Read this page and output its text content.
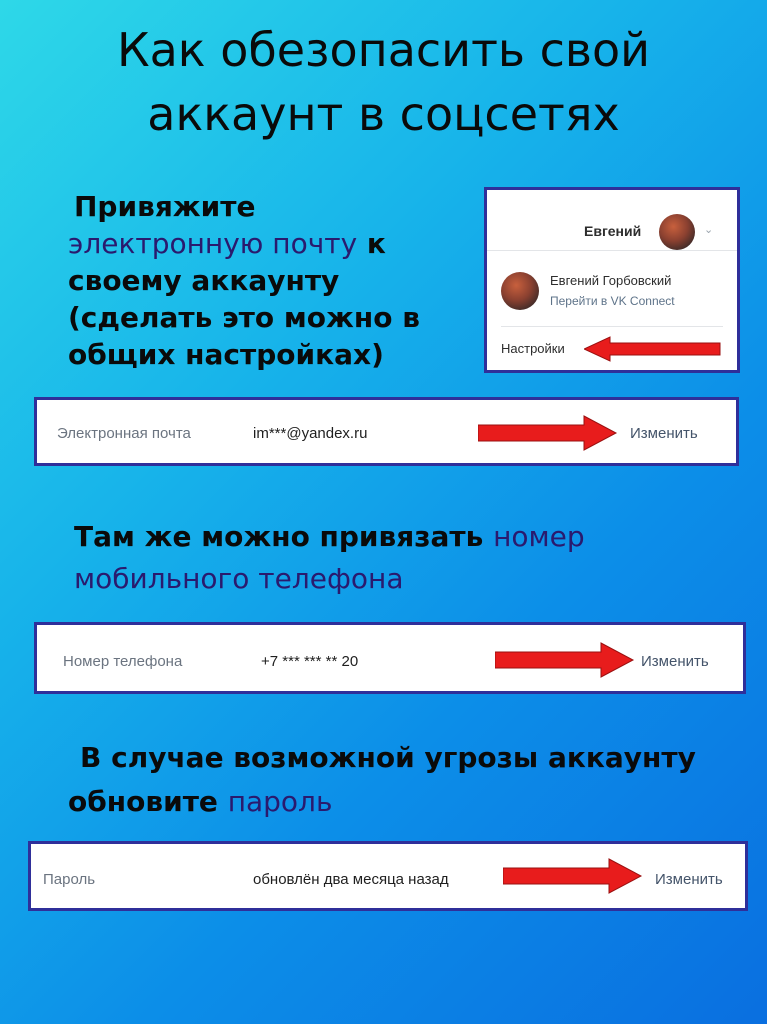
Как обезопасить свой
аккаунт в соцсетях
Привяжите
электронную почту к
своему аккаунту
(сделать это можно в
общих настройках)
Евгений	⌄
Евгений Горбовский
Перейти в VK Connect
Настройки
Электронная почта	im***@yandex.ru	Изменить
Там же можно привязать номер
мобильного телефона
Номер телефона	+7 *** *** ** 20	Изменить
В случае возможной угрозы аккаунту
обновите пароль
Пароль	обновлён два месяца назад	Изменить
